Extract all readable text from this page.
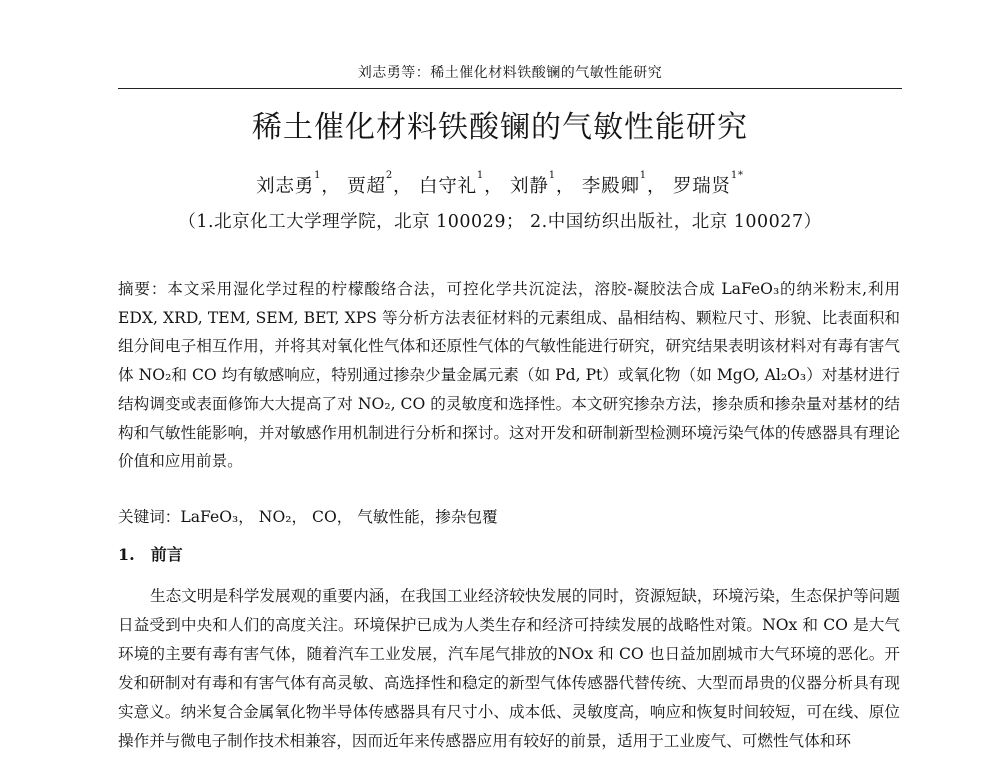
刘志勇等：稀土催化材料铁酸镧的气敏性能研究
稀土催化材料铁酸镧的气敏性能研究
刘志勇$^1$， 贾超$^2$， 白守礼$^1$， 刘静$^1$， 李殿卿$^1$， 罗瑞贤$^{1*}$
（1.北京化工大学理学院，北京 100029； 2.中国纺织出版社，北京 100027）

摘要：本文采用湿化学过程的柠檬酸络合法，可控化学共沉淀法，溶胶-凝胶法合成 LaFeO₃的纳米粉末,利用 EDX, XRD, TEM, SEM, BET, XPS 等分析方法表征材料的元素组成、晶相结构、颗粒尺寸、形貌、比表面积和组分间电子相互作用，并将其对氧化性气体和还原性气体的气敏性能进行研究，研究结果表明该材料对有毒有害气体 NO₂和 CO 均有敏感响应，特别通过掺杂少量金属元素（如 Pd, Pt）或氧化物（如 MgO, Al₂O₃）对基材进行结构调变或表面修饰大大提高了对 NO₂, CO 的灵敏度和选择性。本文研究掺杂方法，掺杂质和掺杂量对基材的结构和气敏性能影响，并对敏感作用机制进行分析和探讨。这对开发和研制新型检测环境污染气体的传感器具有理论价值和应用前景。

关键词：LaFeO₃， NO₂， CO， 气敏性能，掺杂包覆

1. 前言

生态文明是科学发展观的重要内涵，在我国工业经济较快发展的同时，资源短缺，环境污染，生态保护等问题日益受到中央和人们的高度关注。环境保护已成为人类生存和经济可持续发展的战略性对策。NOx 和 CO 是大气环境的主要有毒有害气体，随着汽车工业发展，汽车尾气排放的NOx 和 CO 也日益加剧城市大气环境的恶化。开发和研制对有毒和有害气体有高灵敏、高选择性和稳定的新型气体传感器代替传统、大型而昂贵的仪器分析具有现实意义。纳米复合金属氧化物半导体传感器具有尺寸小、成本低、灵敏度高，响应和恢复时间较短，可在线、原位操作并与微电子制作技术相兼容，因而近年来传感器应用有较好的前景，适用于工业废气、可燃性气体和环
